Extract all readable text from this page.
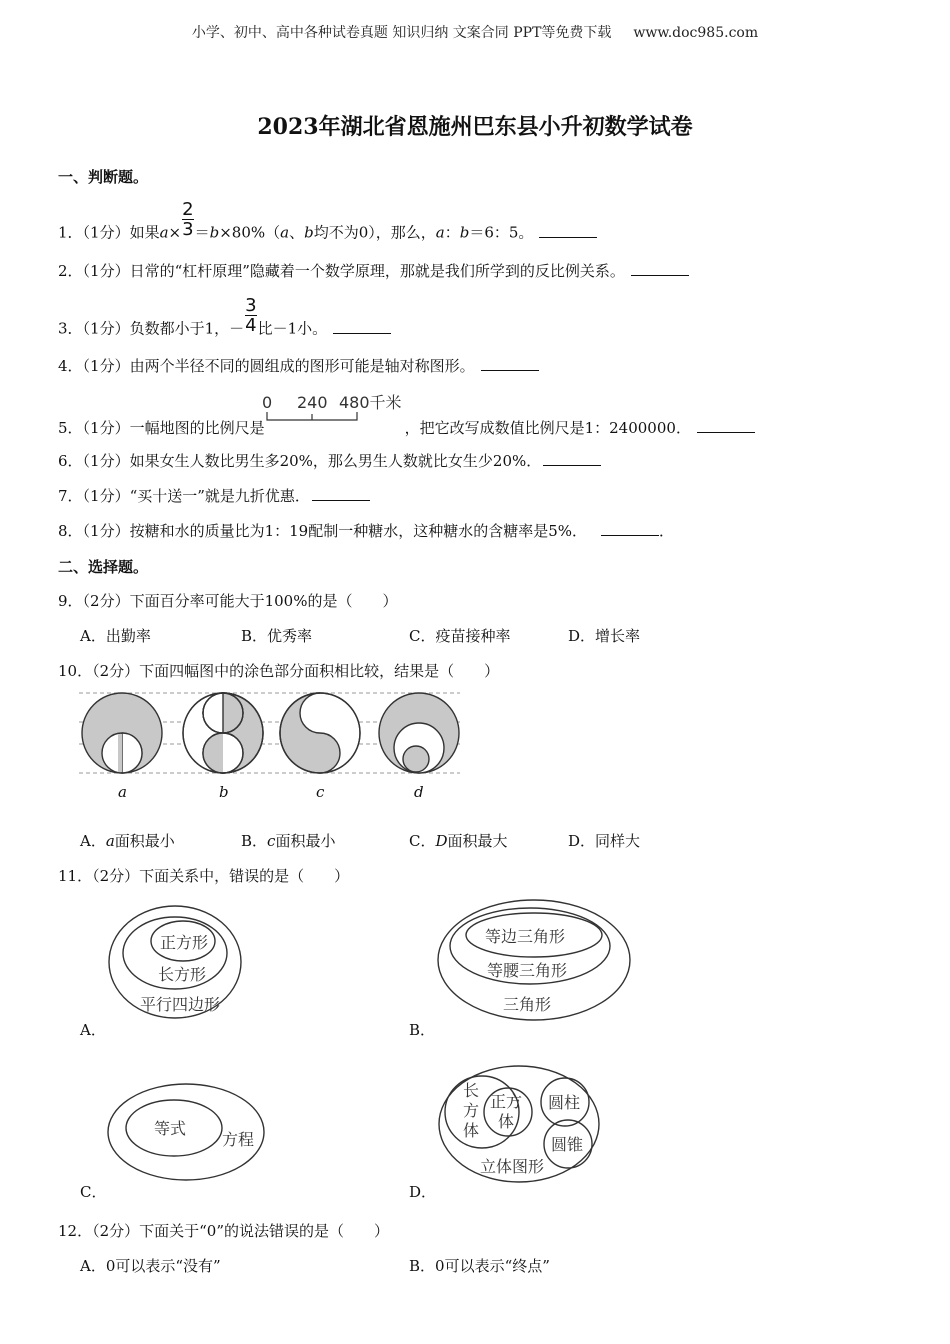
小学、初中、高中各种试卷真题 知识归纳 文案合同 PPT等免费下载 www.doc985.com
2023年湖北省恩施州巴东县小升初数学试卷
一、判断题。
1．（1分）如果$a\times\frac{2}{3} =b\times 80\%(a$、b均不为0），那么，a：b＝6：5。
2．（1分）日常的“杠杆原理”隐藏着一个数学原理，那就是我们所学到的反比例关系。
3．（1分）负数都小于1，$-\frac{3}{4}$ 比－1小。
4．（1分）由两个半径不同的圆组成的图形可能是轴对称图形。
5．（1分）一幅地图的比例尺是
0 240 480千米
，把它改写成数值比例尺是1：2400000．
6．（1分）如果女生人数比男生多20%，那么男生人数就比女生少20%．
7．（1分）“买十送一”就是九折优惠．
8．（1分）按糖和水的质量比为1：19配制一种糖水，这种糖水的含糖率是5%．	．
二、选择题。
9．（2分）下面百分率可能大于100%的是（　　）
A．出勤率	B．优秀率	C．疫苗接种率	D．增长率
10．（2分）下面四幅图中的涂色部分面积相比较，结果是（　　）
a	b	c	d
A．a面积最小	B．c面积最小	C．D面积最大	D．同样大
11．（2分）下面关系中，错误的是（　　）
正方形
长方形
平行四边形
A．
等边三角形
等腰三角形
三角形
B．
等式
方程
C．
长
方
体
正方
体
圆柱
圆锥
立体图形
D．
12．（2分）下面关于“0”的说法错误的是（　　）
A．0可以表示“没有”	B．0可以表示“终点”
